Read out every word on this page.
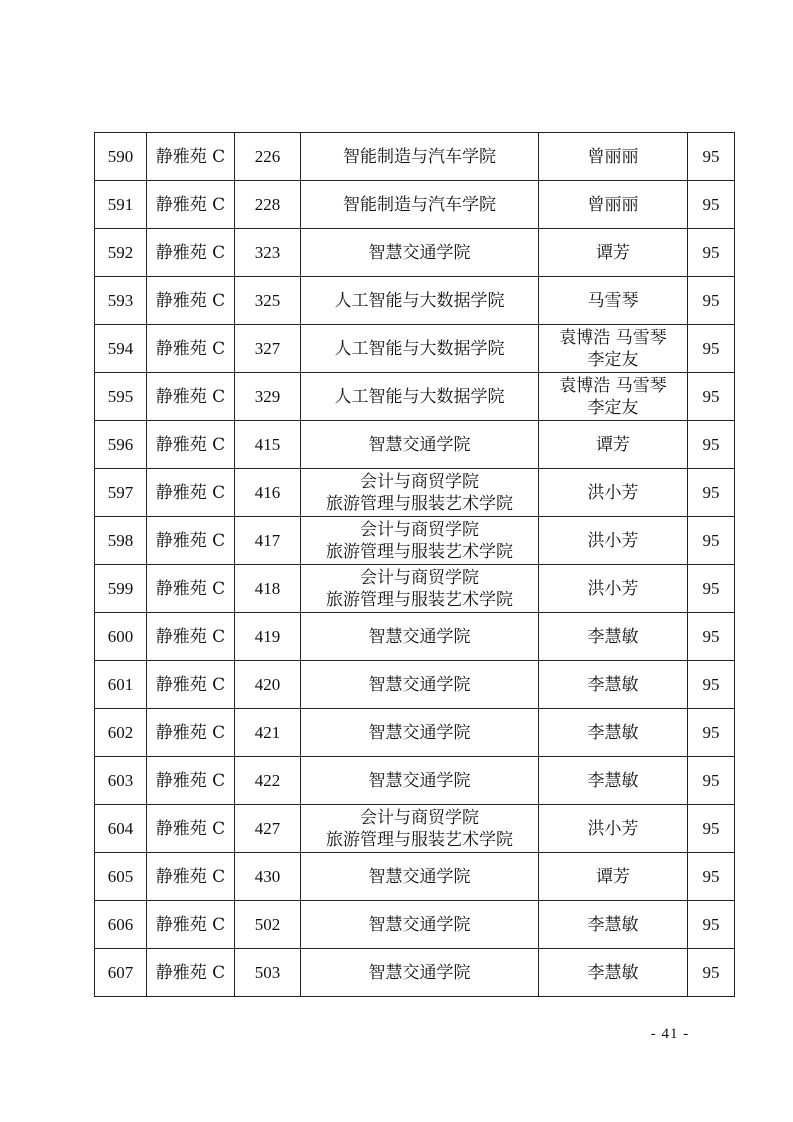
590	静雅苑 C	226	智能制造与汽车学院	曾丽丽	95
591	静雅苑 C	228	智能制造与汽车学院	曾丽丽	95
592	静雅苑 C	323	智慧交通学院	谭芳	95
593	静雅苑 C	325	人工智能与大数据学院	马雪琴	95
594	静雅苑 C	327	人工智能与大数据学院	袁博浩 马雪琴
李定友	95
595	静雅苑 C	329	人工智能与大数据学院	袁博浩 马雪琴
李定友	95
596	静雅苑 C	415	智慧交通学院	谭芳	95
597	静雅苑 C	416	会计与商贸学院
旅游管理与服装艺术学院	洪小芳	95
598	静雅苑 C	417	会计与商贸学院
旅游管理与服装艺术学院	洪小芳	95
599	静雅苑 C	418	会计与商贸学院
旅游管理与服装艺术学院	洪小芳	95
600	静雅苑 C	419	智慧交通学院	李慧敏	95
601	静雅苑 C	420	智慧交通学院	李慧敏	95
602	静雅苑 C	421	智慧交通学院	李慧敏	95
603	静雅苑 C	422	智慧交通学院	李慧敏	95
604	静雅苑 C	427	会计与商贸学院
旅游管理与服装艺术学院	洪小芳	95
605	静雅苑 C	430	智慧交通学院	谭芳	95
606	静雅苑 C	502	智慧交通学院	李慧敏	95
607	静雅苑 C	503	智慧交通学院	李慧敏	95
- 41 -
